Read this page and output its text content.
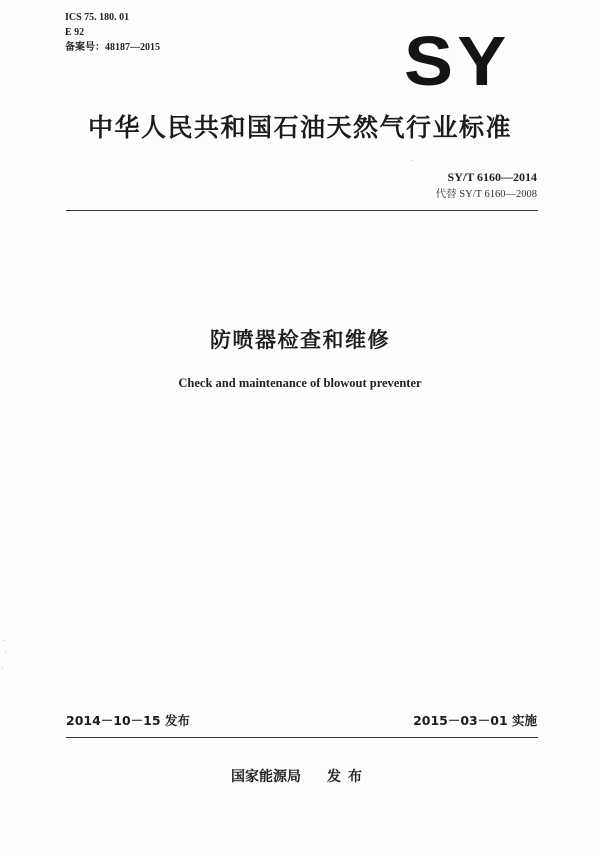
ICS 75. 180. 01
E 92
备案号：48187—2015	SY
中华人民共和国石油天然气行业标准
SY/T 6160—2014
代替 SY/T 6160—2008
防喷器检查和维修
Check and maintenance of blowout preventer
2014－10－15 发布	2015－03－01 实施
国家能源局 发布
